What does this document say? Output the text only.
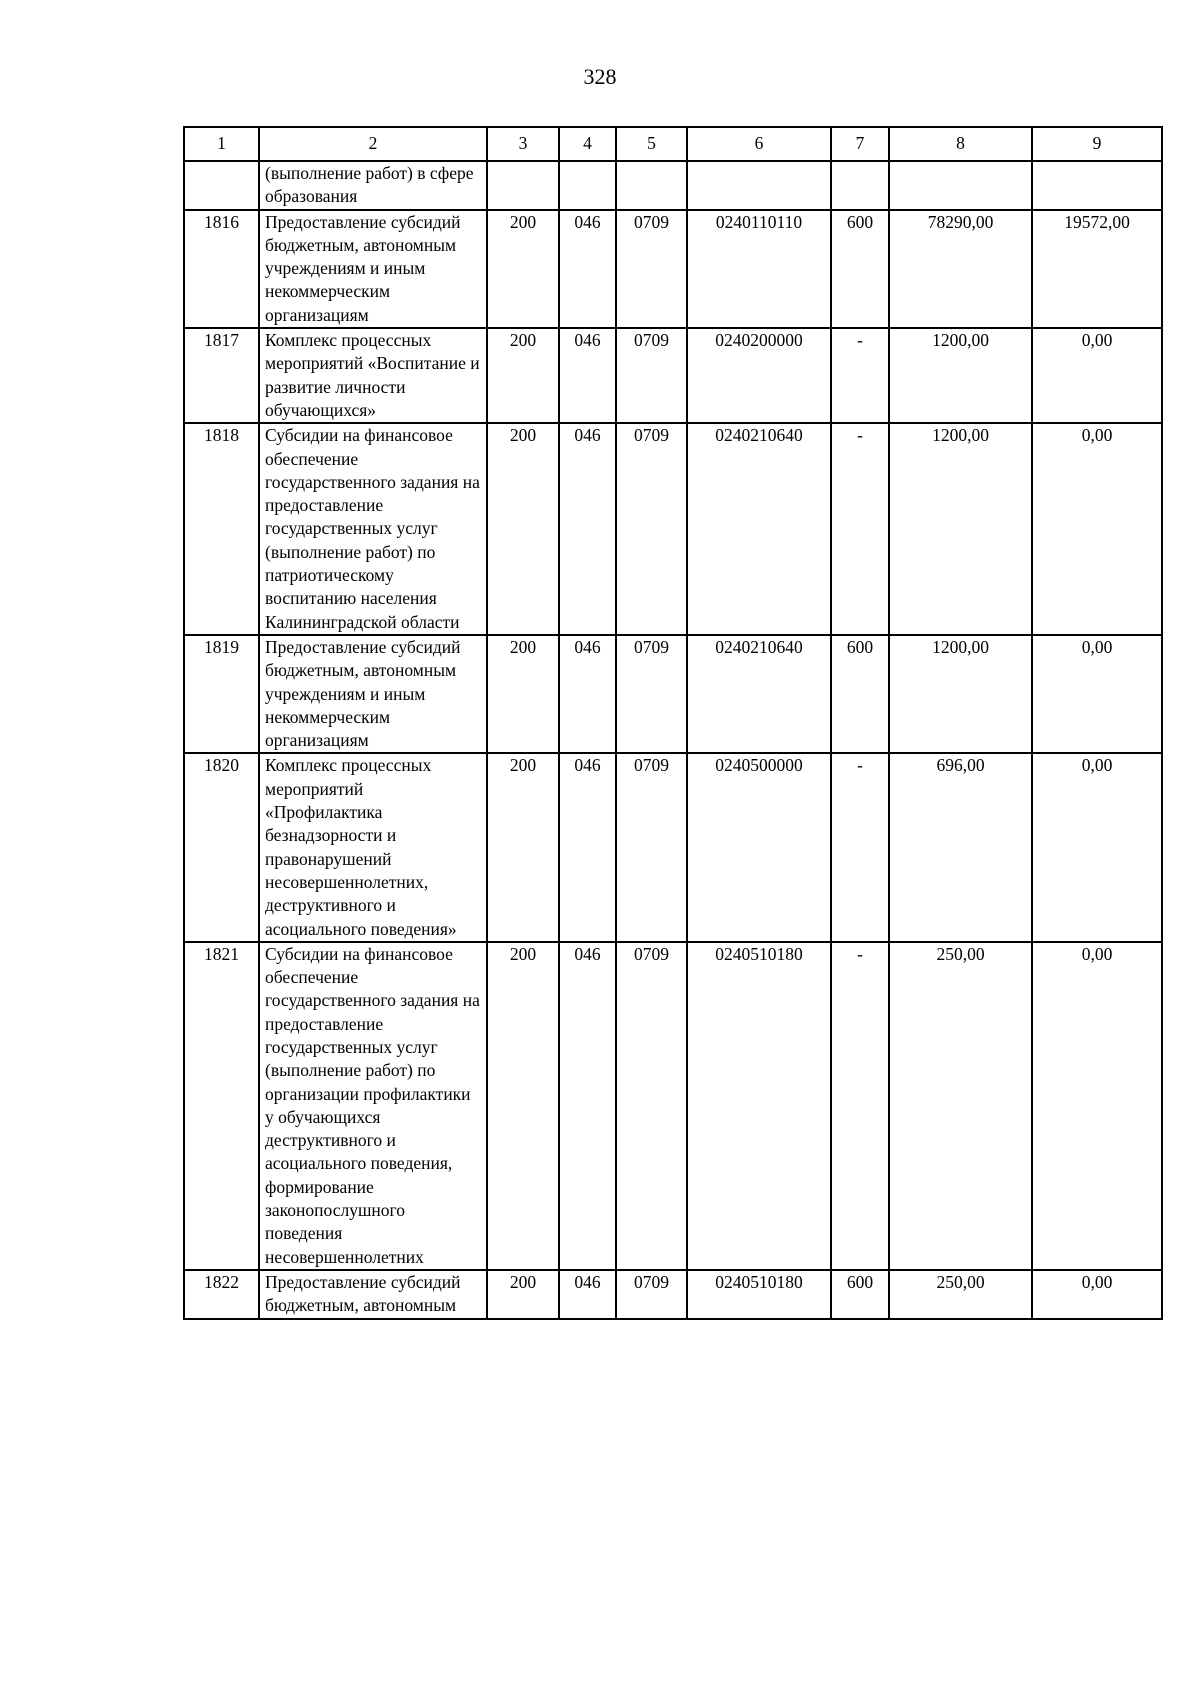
328
1	2	3	4	5	6	7	8	9
	(выполнение работ) в сфере образования							
1816	Предоставление субсидий бюджетным, автономным учреждениям и иным некоммерческим организациям	200	046	0709	0240110110	600	78290,00	19572,00
1817	Комплекс процессных мероприятий «Воспитание и развитие личности обучающихся»	200	046	0709	0240200000	-	1200,00	0,00
1818	Субсидии на финансовое обеспечение государственного задания на предоставление государственных услуг (выполнение работ) по патриотическому воспитанию населения Калининградской области	200	046	0709	0240210640	-	1200,00	0,00
1819	Предоставление субсидий бюджетным, автономным учреждениям и иным некоммерческим организациям	200	046	0709	0240210640	600	1200,00	0,00
1820	Комплекс процессных мероприятий «Профилактика безнадзорности и правонарушений несовершеннолетних, деструктивного и асоциального поведения»	200	046	0709	0240500000	-	696,00	0,00
1821	Субсидии на финансовое обеспечение государственного задания на предоставление государственных услуг (выполнение работ) по организации профилактики у обучающихся деструктивного и асоциального поведения, формирование законопослушного поведения несовершеннолетних	200	046	0709	0240510180	-	250,00	0,00
1822	Предоставление субсидий бюджетным, автономным	200	046	0709	0240510180	600	250,00	0,00
